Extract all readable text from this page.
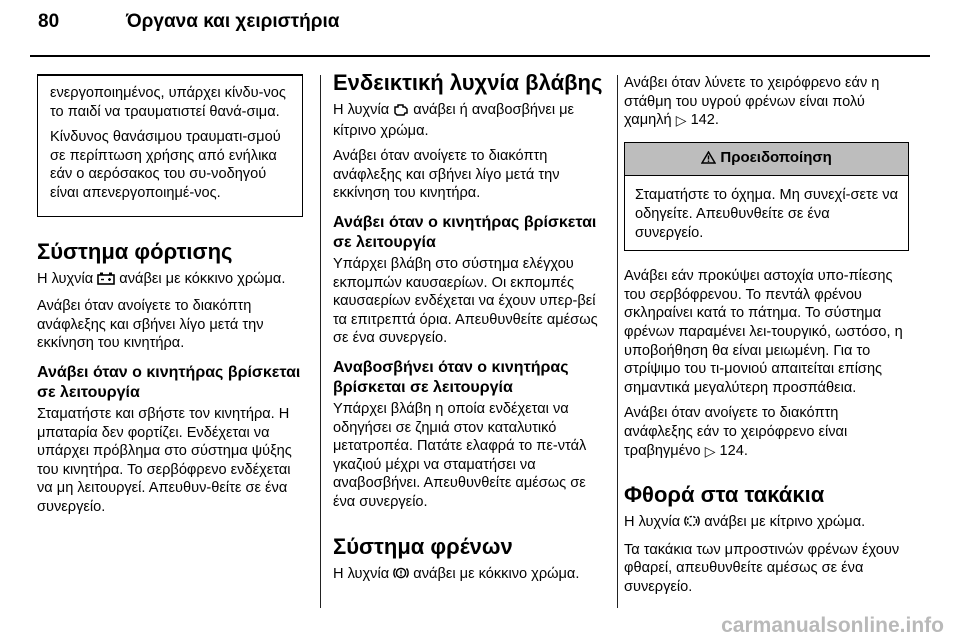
80	Όργανα και χειριστήρια

ενεργοποιημένος, υπάρχει κίνδυ-νος το παιδί να τραυματιστεί θανά-σιμα.

Κίνδυνος θανάσιμου τραυματι-σμού σε περίπτωση χρήσης από ενήλικα εάν ο αερόσακος του συ-νοδηγού είναι απενεργοποιημέ-νος.

Σύστημα φόρτισης

Η λυχνία ανάβει με κόκκινο χρώμα.

Ανάβει όταν ανοίγετε το διακόπτη ανάφλεξης και σβήνει λίγο μετά την εκκίνηση του κινητήρα.

Ανάβει όταν ο κινητήρας βρίσκεται σε λειτουργία

Σταματήστε και σβήστε τον κινητήρα. Η μπαταρία δεν φορτίζει. Ενδέχεται να υπάρχει πρόβλημα στο σύστημα ψύξης του κινητήρα. Το σερβόφρενο ενδέχεται να μη λειτουργεί. Απευθυν-θείτε σε ένα συνεργείο.

Ενδεικτική λυχνία βλάβης

Η λυχνία ανάβει ή αναβοσβήνει με κίτρινο χρώμα.

Ανάβει όταν ανοίγετε το διακόπτη ανάφλεξης και σβήνει λίγο μετά την εκκίνηση του κινητήρα.

Ανάβει όταν ο κινητήρας βρίσκεται σε λειτουργία

Υπάρχει βλάβη στο σύστημα ελέγχου εκπομπών καυσαερίων. Οι εκπομπές καυσαερίων ενδέχεται να έχουν υπερ-βεί τα επιτρεπτά όρια. Απευθυνθείτε αμέσως σε ένα συνεργείο.

Αναβοσβήνει όταν ο κινητήρας βρίσκεται σε λειτουργία

Υπάρχει βλάβη η οποία ενδέχεται να οδηγήσει σε ζημιά στον καταλυτικό μετατροπέα. Πατάτε ελαφρά το πε-ντάλ γκαζιού μέχρι να σταματήσει να αναβοσβήνει. Απευθυνθείτε αμέσως σε ένα συνεργείο.

Σύστημα φρένων

Η λυχνία ανάβει με κόκκινο χρώμα.

Ανάβει όταν λύνετε το χειρόφρενο εάν η στάθμη του υγρού φρένων είναι πολύ χαμηλή ▷ 142.

Προειδοποίηση
Σταματήστε το όχημα. Μη συνεχί-σετε να οδηγείτε. Απευθυνθείτε σε ένα συνεργείο.

Ανάβει εάν προκύψει αστοχία υπο-πίεσης του σερβόφρενου. Το πεντάλ φρένου σκληραίνει κατά το πάτημα. Το σύστημα φρένων παραμένει λει-τουργικό, ωστόσο, η υποβοήθηση θα είναι μειωμένη. Για το στρίψιμο του τι-μονιού απαιτείται επίσης σημαντικά μεγαλύτερη προσπάθεια.

Ανάβει όταν ανοίγετε το διακόπτη ανάφλεξης εάν το χειρόφρενο είναι τραβηγμένο ▷ 124.

Φθορά στα τακάκια

Η λυχνία ανάβει με κίτρινο χρώμα.

Τα τακάκια των μπροστινών φρένων έχουν φθαρεί, απευθυνθείτε αμέσως σε ένα συνεργείο.

carmanualsonline.info
